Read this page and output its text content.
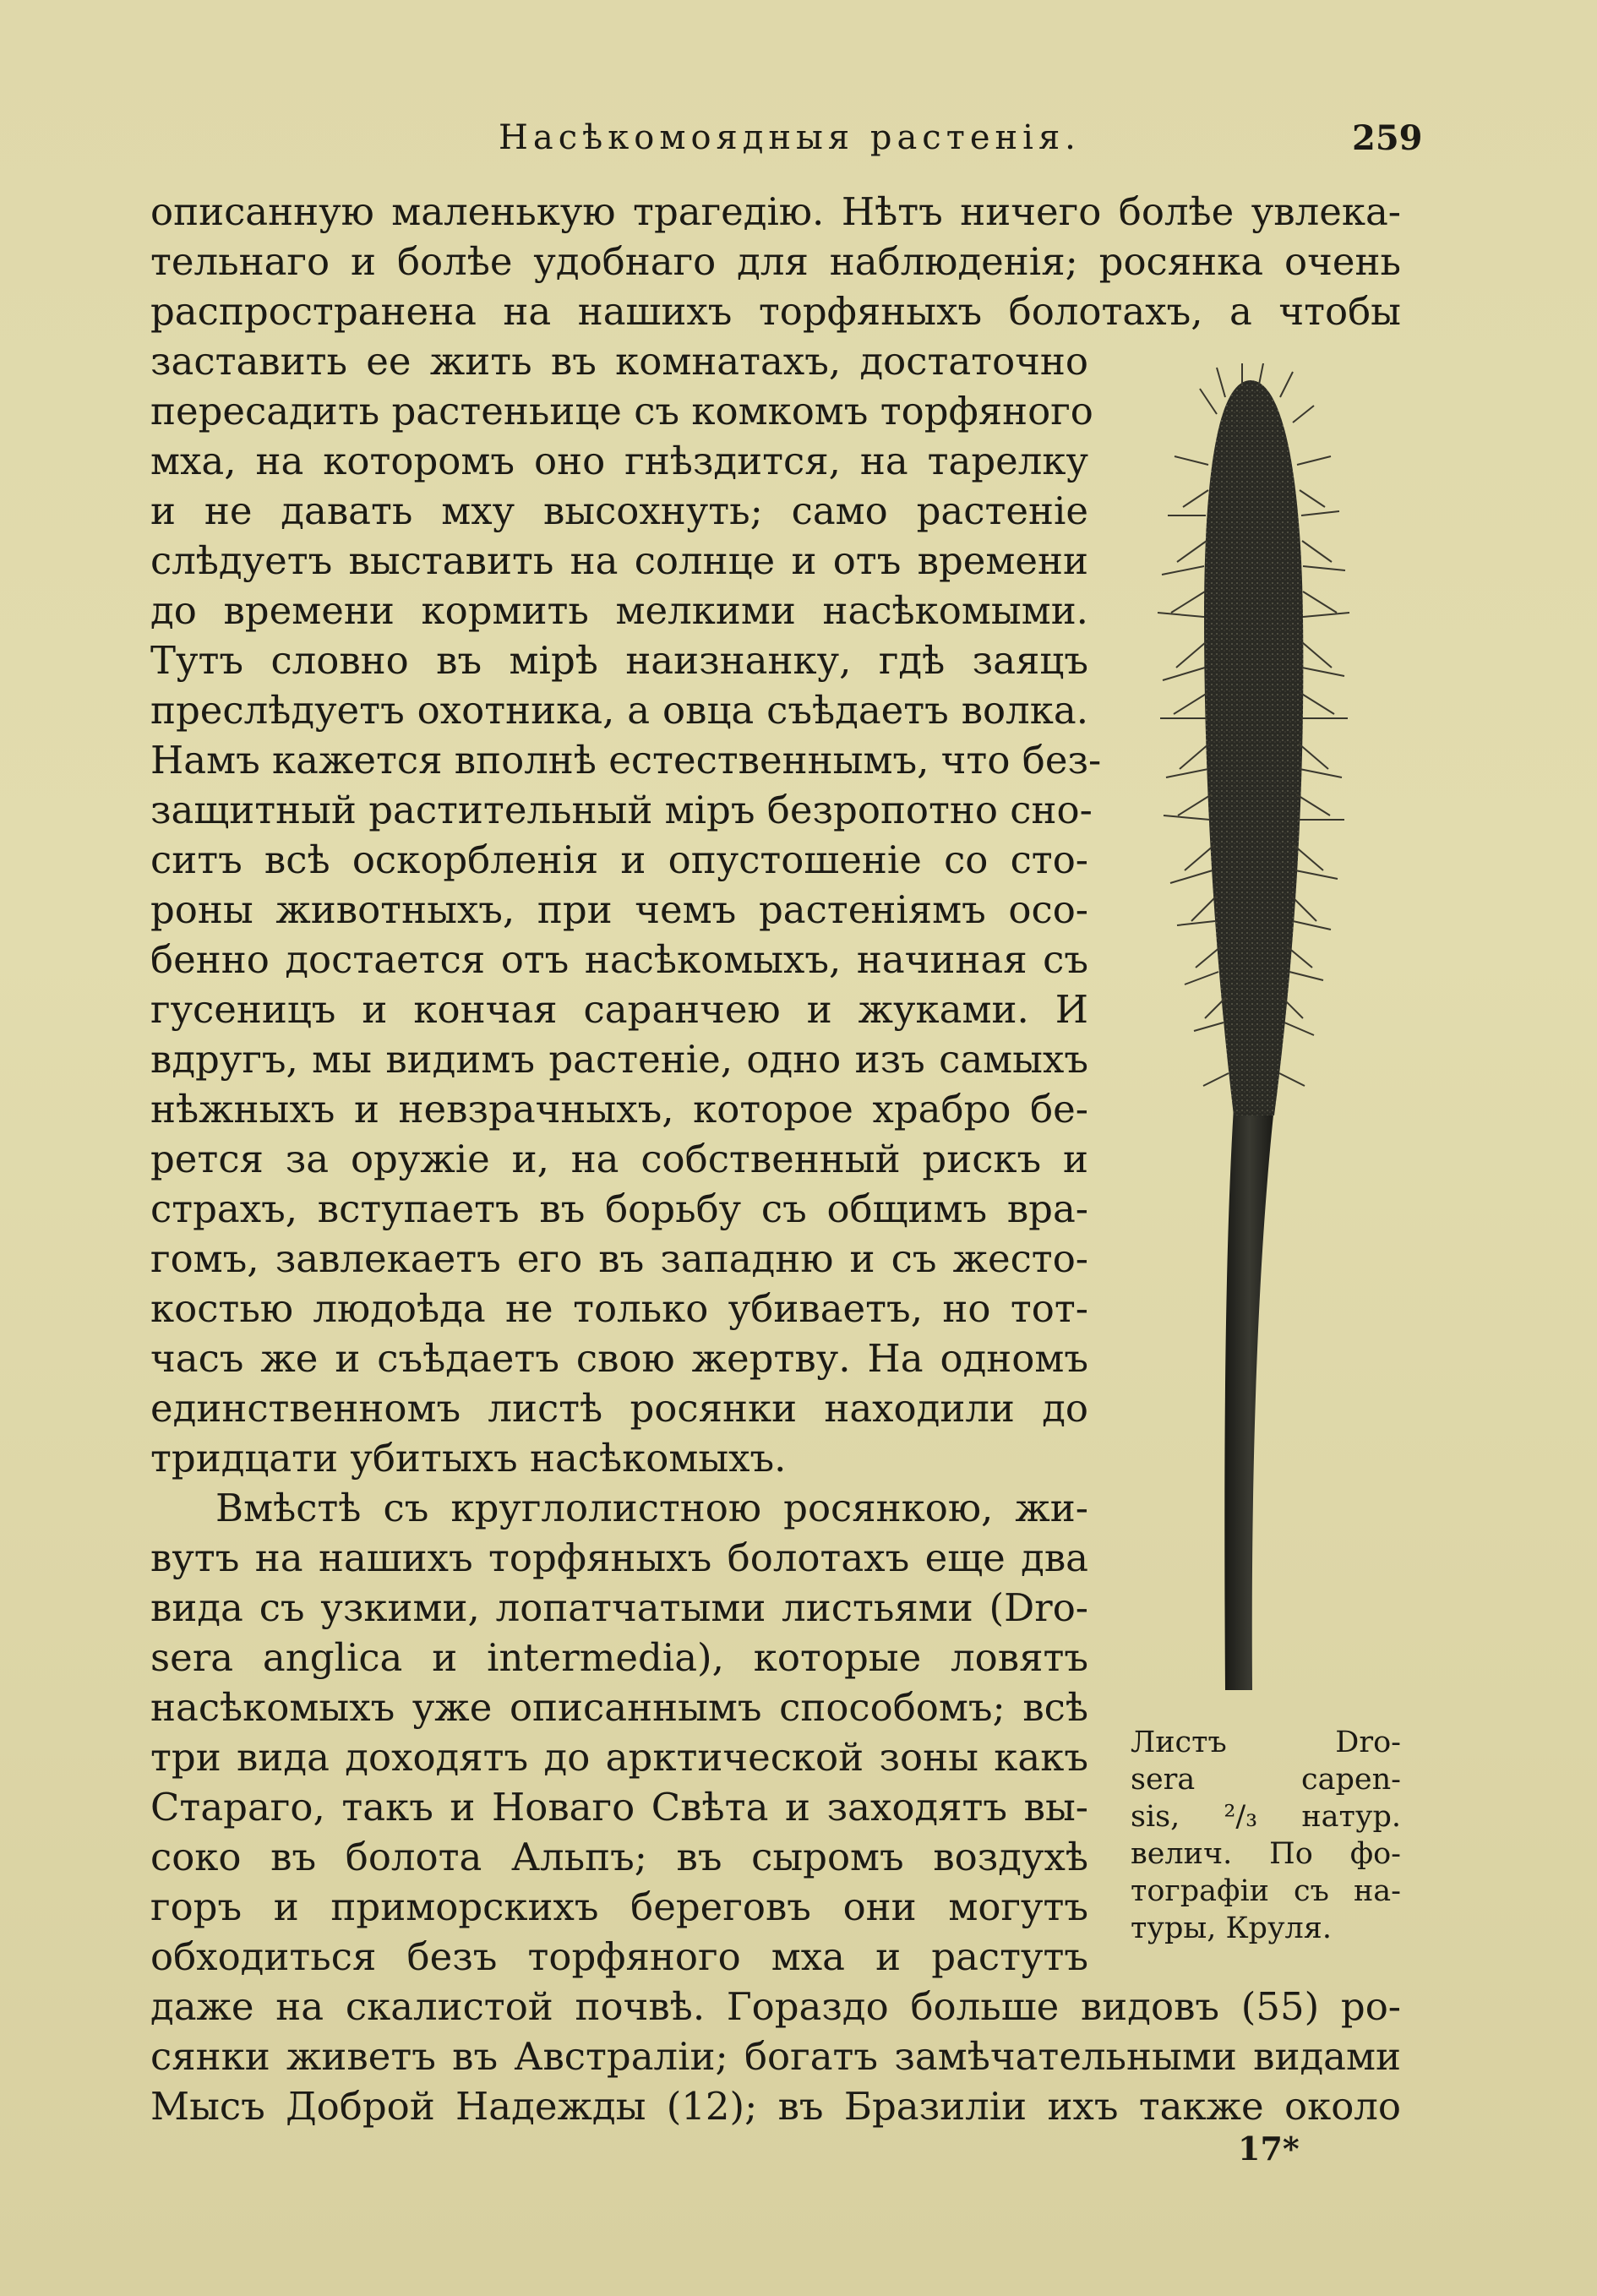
Насѣкомоядныя растенія.	259
описанную маленькую трагедію. Нѣтъ ничего болѣе увлека-
тельнаго и болѣе удобнаго для наблюденія; росянка очень
распространена на нашихъ торфяныхъ болотахъ, а чтобы
заставить ее жить въ комнатахъ, достаточно
пересадить растеньице съ комкомъ торфяного
мха, на которомъ оно гнѣздится, на тарелку
и не давать мху высохнуть; само растеніе
слѣдуетъ выставить на солнце и отъ времени
до времени кормить мелкими насѣкомыми.
Тутъ словно въ мірѣ наизнанку, гдѣ заяцъ
преслѣдуетъ охотника, а овца съѣдаетъ волка.
Намъ кажется вполнѣ естественнымъ, что без-
защитный растительный міръ безропотно сно-
ситъ всѣ оскорбленія и опустошеніе со сто-
роны животныхъ, при чемъ растеніямъ осо-
бенно достается отъ насѣкомыхъ, начиная съ
гусеницъ и кончая саранчею и жуками. И
вдругъ, мы видимъ растеніе, одно изъ самыхъ
нѣжныхъ и невзрачныхъ, которое храбро бе-
рется за оружіе и, на собственный рискъ и
страхъ, вступаетъ въ борьбу съ общимъ вра-
гомъ, завлекаетъ его въ западню и съ жесто-
костью людоѣда не только убиваетъ, но тот-
часъ же и съѣдаетъ свою жертву. На одномъ
единственномъ листѣ росянки находили до
тридцати убитыхъ насѣкомыхъ.
Вмѣстѣ съ круглолистною росянкою, жи-
вутъ на нашихъ торфяныхъ болотахъ еще два
вида съ узкими, лопатчатыми листьями (Dro-
sera anglica и intermedia), которые ловятъ
насѣкомыхъ уже описаннымъ способомъ; всѣ
три вида доходятъ до арктической зоны какъ
Стараго, такъ и Новаго Свѣта и заходятъ вы-
соко въ болота Альпъ; въ сыромъ воздухѣ
горъ и приморскихъ береговъ они могутъ
обходиться безъ торфяного мха и растутъ
даже на скалистой почвѣ. Гораздо больше видовъ (55) ро-
сянки живетъ въ Австраліи; богатъ замѣчательными видами
Мысъ Доброй Надежды (12); въ Бразиліи ихъ также около
Листъ Dro-
sera capen-
sis, ²/₃ натур.
велич. По фо-
тографіи съ на-
туры, Круля.
17*
